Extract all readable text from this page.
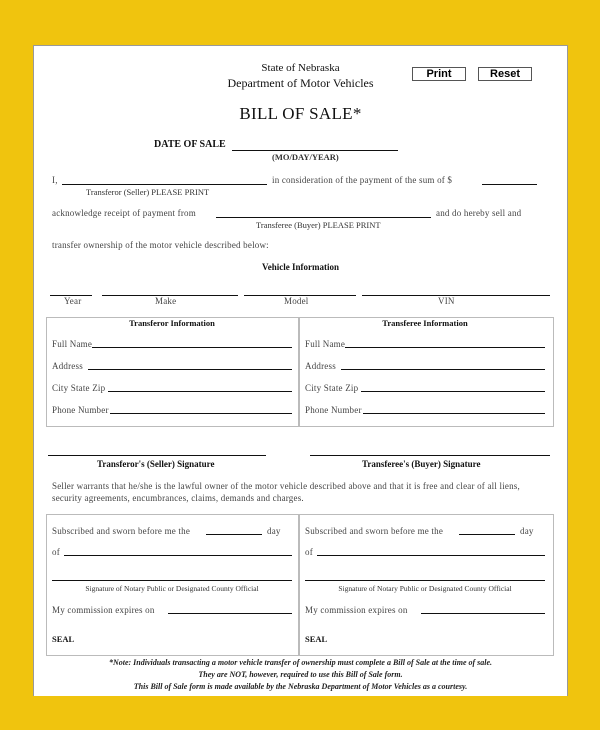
State of Nebraska
Department of Motor Vehicles
BILL OF SALE*
Print	Reset
DATE OF SALE
(MO/DAY/YEAR)
I,	in consideration of the payment of the sum of $
Transferor (Seller) PLEASE PRINT
acknowledge receipt of payment from	and do hereby sell and
Transferee (Buyer) PLEASE PRINT
transfer ownership of the motor vehicle described below:
Vehicle Information
Year	Make	Model	VIN
Transferor Information
Full Name
Address
City State Zip
Phone Number
Transferee Information
Full Name
Address
City State Zip
Phone Number
Transferor's (Seller) Signature	Transferee's (Buyer) Signature
Seller warrants that he/she is the lawful owner of the motor vehicle described above and that it is free and clear of all liens, security agreements, encumbrances, claims, demands and charges.
Subscribed and sworn before me the	day
of
Signature of Notary Public or Designated County Official
My commission expires on
SEAL
Subscribed and sworn before me the	day
of
Signature of Notary Public or Designated County Official
My commission expires on
SEAL
*Note: Individuals transacting a motor vehicle transfer of ownership must complete a Bill of Sale at the time of sale.
They are NOT, however, required to use this Bill of Sale form.
This Bill of Sale form is made available by the Nebraska Department of Motor Vehicles as a courtesy.
